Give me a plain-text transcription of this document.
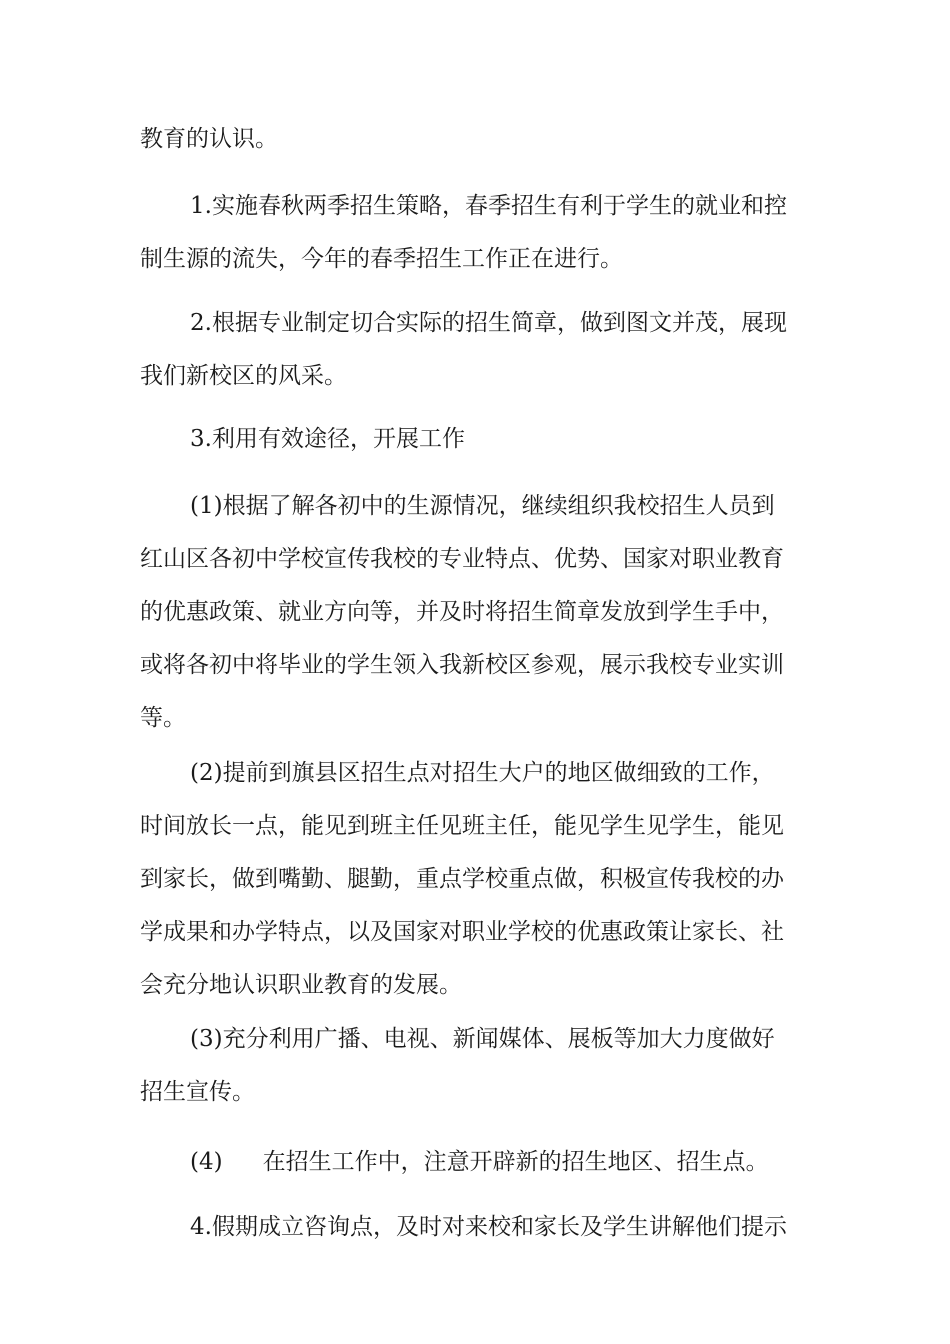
教育的认识。

1.实施春秋两季招生策略，春季招生有利于学生的就业和控
制生源的流失，今年的春季招生工作正在进行。

2.根据专业制定切合实际的招生简章，做到图文并茂，展现
我们新校区的风采。

3.利用有效途径，开展工作

(1)根据了解各初中的生源情况，继续组织我校招生人员到
红山区各初中学校宣传我校的专业特点、优势、国家对职业教育
的优惠政策、就业方向等，并及时将招生简章发放到学生手中，
或将各初中将毕业的学生领入我新校区参观，展示我校专业实训
等。

(2)提前到旗县区招生点对招生大户的地区做细致的工作，
时间放长一点，能见到班主任见班主任，能见学生见学生，能见
到家长，做到嘴勤、腿勤，重点学校重点做，积极宣传我校的办
学成果和办学特点，以及国家对职业学校的优惠政策让家长、社
会充分地认识职业教育的发展。

(3)充分利用广播、电视、新闻媒体、展板等加大力度做好
招生宣传。

(4) 在招生工作中，注意开辟新的招生地区、招生点。

4.假期成立咨询点，及时对来校和家长及学生讲解他们提示
